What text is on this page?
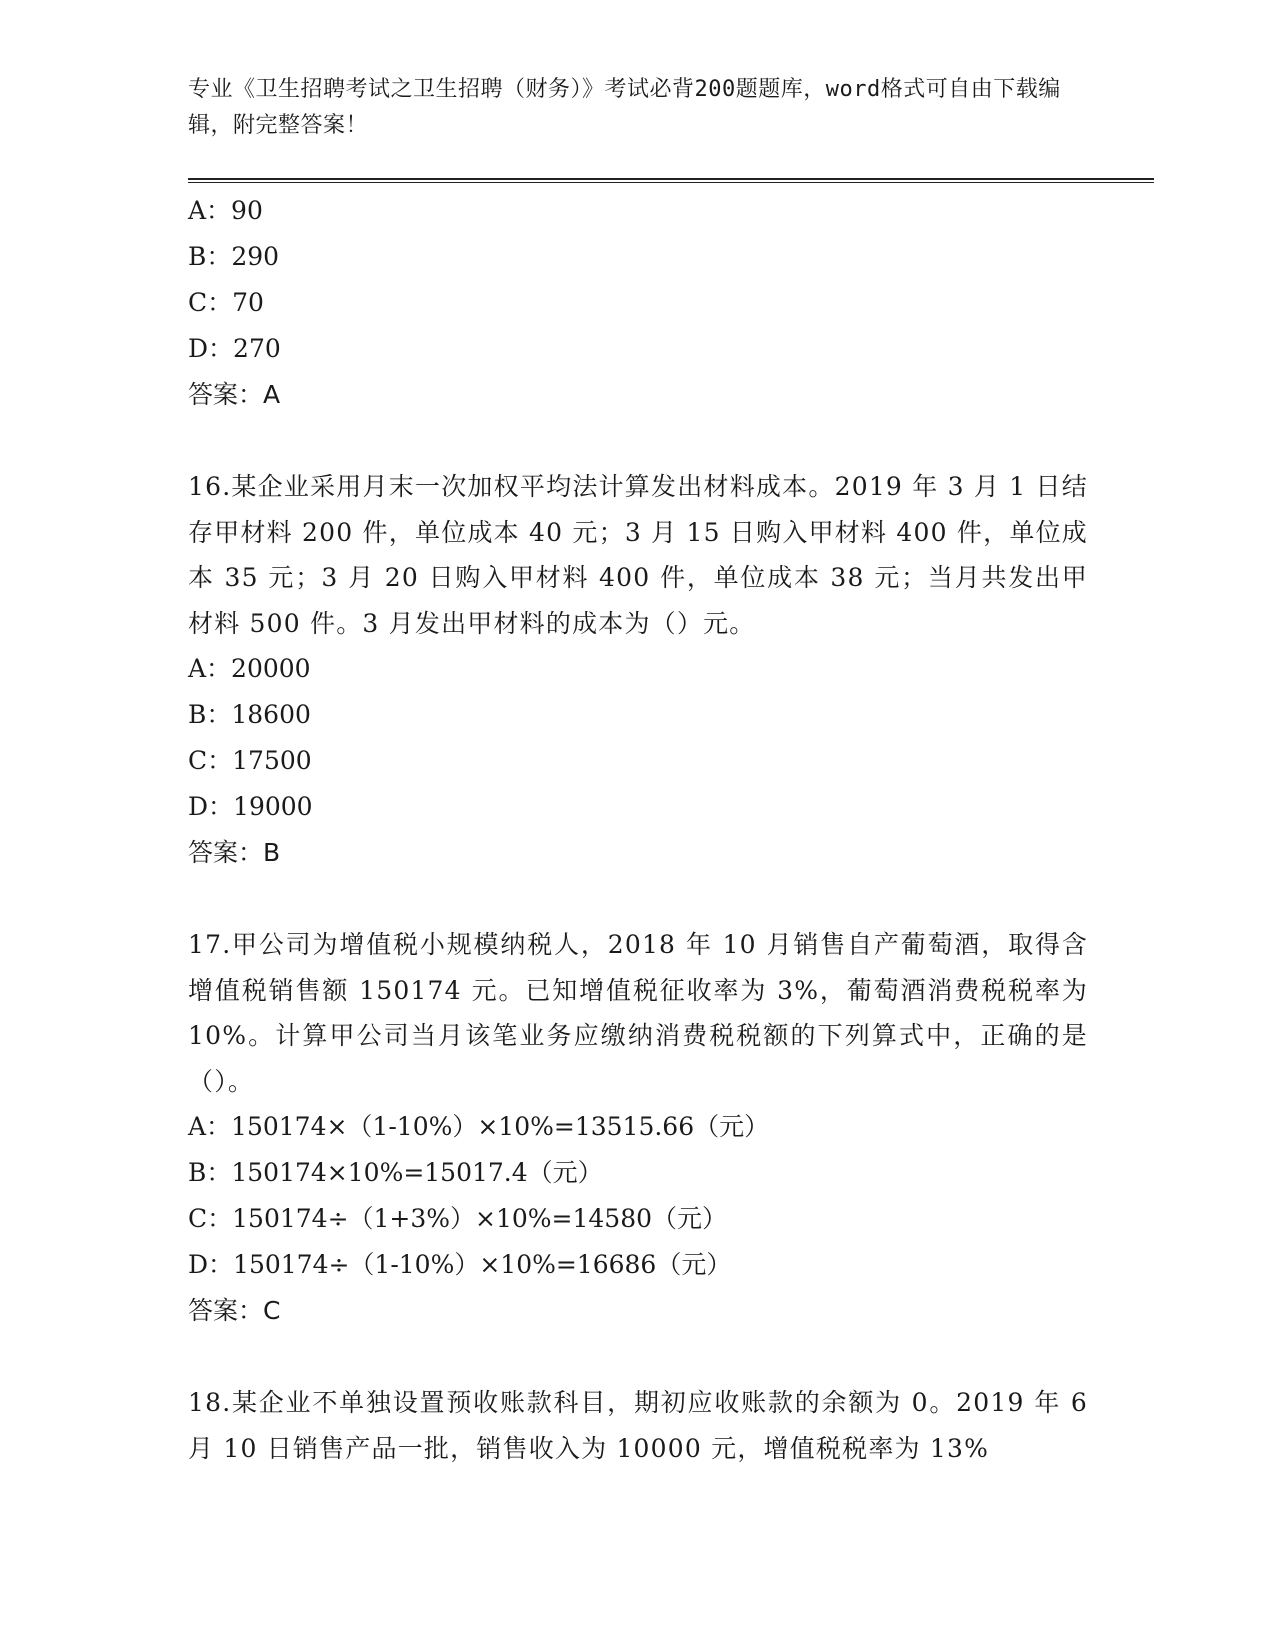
专业《卫生招聘考试之卫生招聘（财务）》考试必背200题题库，word格式可自由下载编辑，附完整答案！
A：90
B：290
C：70
D：270
答案：A
16.某企业采用月末一次加权平均法计算发出材料成本。2019 年 3 月 1 日结存甲材料 200 件，单位成本 40 元；3 月 15 日购入甲材料 400 件，单位成本 35 元；3 月 20 日购入甲材料 400 件，单位成本 38 元；当月共发出甲材料 500 件。3 月发出甲材料的成本为（）元。
A：20000
B：18600
C：17500
D：19000
答案：B
17.甲公司为增值税小规模纳税人，2018 年 10 月销售自产葡萄酒，取得含增值税销售额 150174 元。已知增值税征收率为 3%，葡萄酒消费税税率为 10%。计算甲公司当月该笔业务应缴纳消费税税额的下列算式中，正确的是（）。
A：150174×（1-10%）×10%=13515.66（元）
B：150174×10%=15017.4（元）
C：150174÷（1+3%）×10%=14580（元）
D：150174÷（1-10%）×10%=16686（元）
答案：C
18.某企业不单独设置预收账款科目，期初应收账款的余额为 0。2019 年 6 月 10 日销售产品一批，销售收入为 10000 元，增值税税率为 13%
